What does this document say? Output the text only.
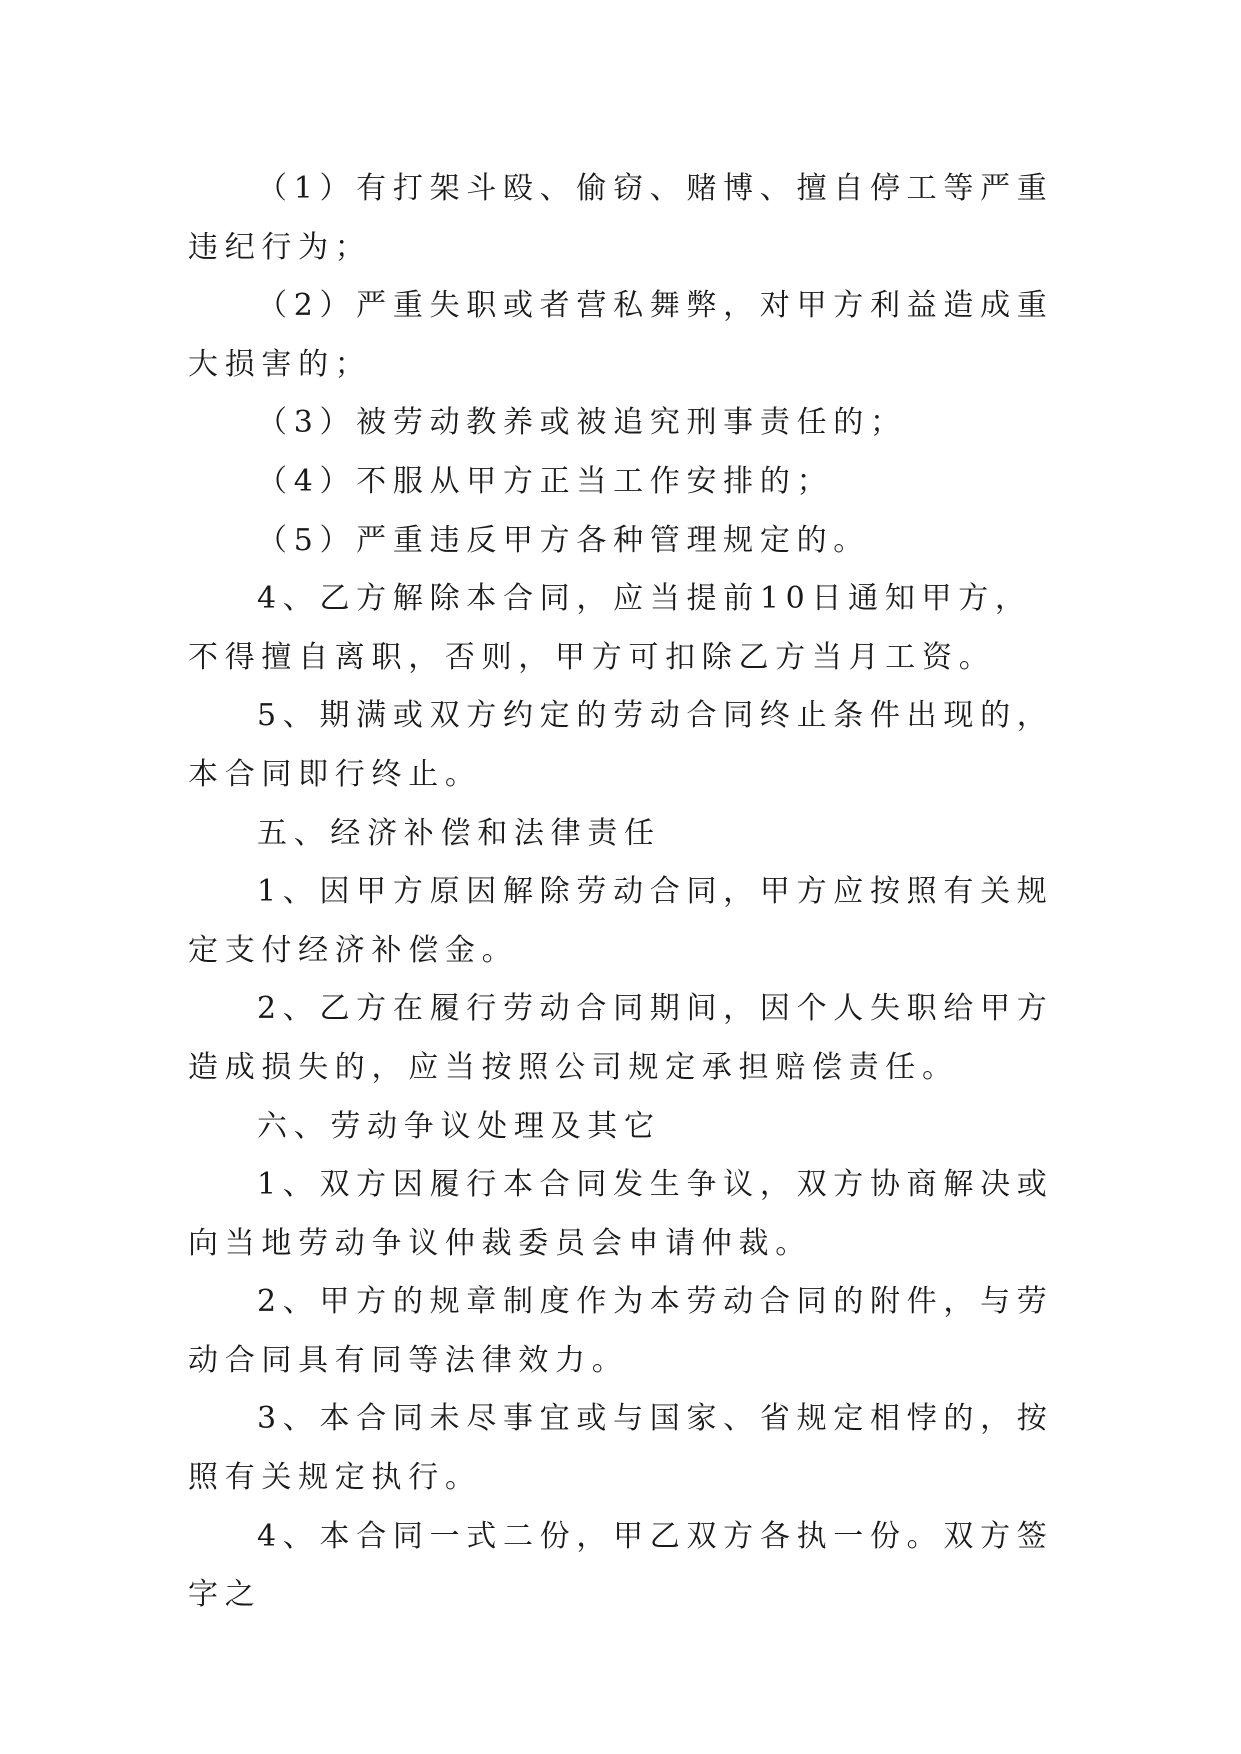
（1）有打架斗殴、偷窃、赌博、擅自停工等严重违纪行为；

（2）严重失职或者营私舞弊，对甲方利益造成重大损害的；

（3）被劳动教养或被追究刑事责任的；

（4）不服从甲方正当工作安排的；

（5）严重违反甲方各种管理规定的。

4、乙方解除本合同，应当提前10日通知甲方，不得擅自离职，否则，甲方可扣除乙方当月工资。

5、期满或双方约定的劳动合同终止条件出现的，本合同即行终止。

五、经济补偿和法律责任

1、因甲方原因解除劳动合同，甲方应按照有关规定支付经济补偿金。

2、乙方在履行劳动合同期间，因个人失职给甲方造成损失的，应当按照公司规定承担赔偿责任。

六、劳动争议处理及其它

1、双方因履行本合同发生争议，双方协商解决或向当地劳动争议仲裁委员会申请仲裁。

2、甲方的规章制度作为本劳动合同的附件，与劳动合同具有同等法律效力。

3、本合同未尽事宜或与国家、省规定相悖的，按照有关规定执行。

4、本合同一式二份，甲乙双方各执一份。双方签字之
